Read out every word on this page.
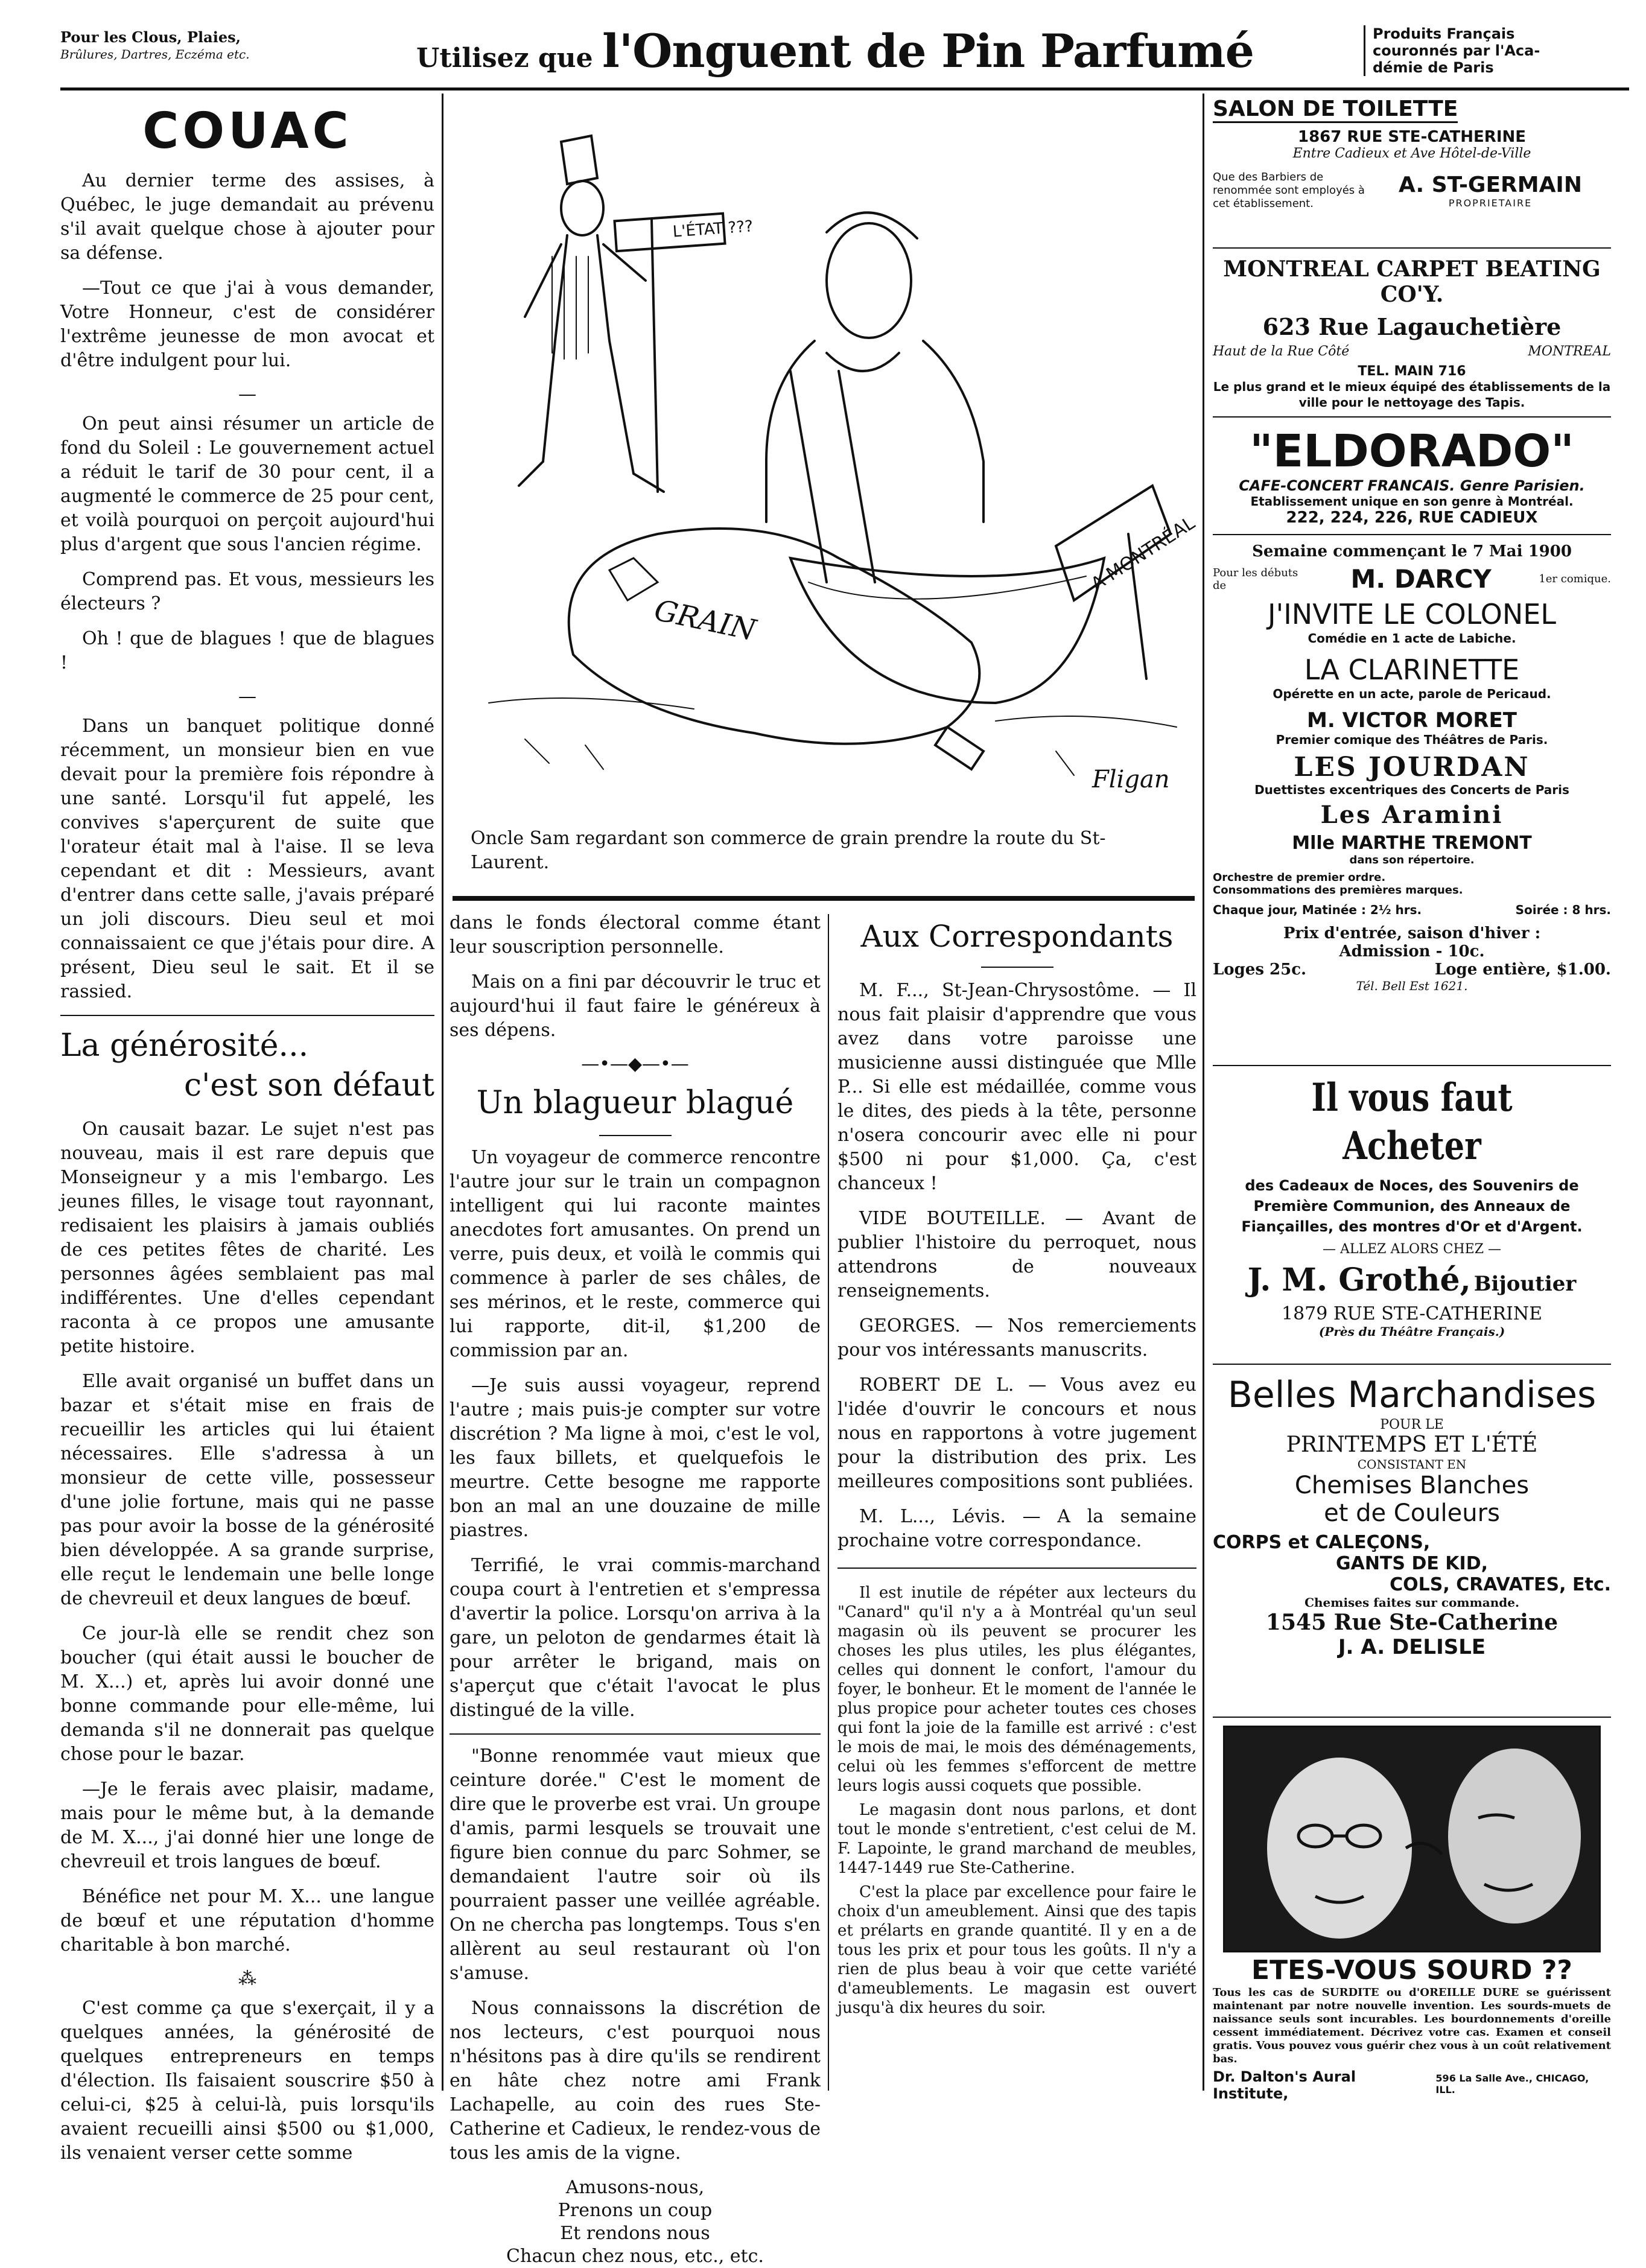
Pour les Clous, Plaies,
Brûlures, Dartres, Eczéma etc.	Utilisez que l'Onguent de Pin Parfumé	Produits Français
couronnés par l'Aca-
démie de Paris
COUAC

Au dernier terme des assises, à Québec, le juge demandait au prévenu s'il avait quelque chose à ajouter pour sa défense.

—Tout ce que j'ai à vous demander, Votre Honneur, c'est de considérer l'extrême jeunesse de mon avocat et d'être indulgent pour lui.

—

On peut ainsi résumer un article de fond du Soleil : Le gouvernement actuel a réduit le tarif de 30 pour cent, il a augmenté le commerce de 25 pour cent, et voilà pourquoi on perçoit aujourd'hui plus d'argent que sous l'ancien régime.

Comprend pas. Et vous, messieurs les électeurs ?

Oh ! que de blagues ! que de blagues !

—

Dans un banquet politique donné récemment, un monsieur bien en vue devait pour la première fois répondre à une santé. Lorsqu'il fut appelé, les convives s'aperçurent de suite que l'orateur était mal à l'aise. Il se leva cependant et dit : Messieurs, avant d'entrer dans cette salle, j'avais préparé un joli discours. Dieu seul et moi connaissaient ce que j'étais pour dire. A présent, Dieu seul le sait. Et il se rassied.

La générosité...
c'est son défaut

On causait bazar. Le sujet n'est pas nouveau, mais il est rare depuis que Monseigneur y a mis l'embargo. Les jeunes filles, le visage tout rayonnant, redisaient les plaisirs à jamais oubliés de ces petites fêtes de charité. Les personnes âgées semblaient pas mal indifférentes. Une d'elles cependant raconta à ce propos une amusante petite histoire.

Elle avait organisé un buffet dans un bazar et s'était mise en frais de recueillir les articles qui lui étaient nécessaires. Elle s'adressa à un monsieur de cette ville, possesseur d'une jolie fortune, mais qui ne passe pas pour avoir la bosse de la générosité bien développée. A sa grande surprise, elle reçut le lendemain une belle longe de chevreuil et deux langues de bœuf.

Ce jour-là elle se rendit chez son boucher (qui était aussi le boucher de M. X...) et, après lui avoir donné une bonne commande pour elle-même, lui demanda s'il ne donnerait pas quelque chose pour le bazar.

—Je le ferais avec plaisir, madame, mais pour le même but, à la demande de M. X..., j'ai donné hier une longe de chevreuil et trois langues de bœuf.

Bénéfice net pour M. X... une langue de bœuf et une réputation d'homme charitable à bon marché.

⁂

C'est comme ça que s'exerçait, il y a quelques années, la générosité de quelques entrepreneurs en temps d'élection. Ils faisaient souscrire $50 à celui-ci, $25 à celui-là, puis lorsqu'ils avaient recueilli ainsi $500 ou $1,000, ils venaient verser cette somme

L'ÉTAT ???
GRAIN
A MONTRÉAL
Fligan
Oncle Sam regardant son commerce de grain prendre la route du St-Laurent.

dans le fonds électoral comme étant leur souscription personnelle.

Mais on a fini par découvrir le truc et aujourd'hui il faut faire le généreux à ses dépens.

—•—◆—•—
Un blagueur blagué

Un voyageur de commerce rencontre l'autre jour sur le train un compagnon intelligent qui lui raconte maintes anecdotes fort amusantes. On prend un verre, puis deux, et voilà le commis qui commence à parler de ses châles, de ses mérinos, et le reste, commerce qui lui rapporte, dit-il, $1,200 de commission par an.

—Je suis aussi voyageur, reprend l'autre ; mais puis-je compter sur votre discrétion ? Ma ligne à moi, c'est le vol, les faux billets, et quelquefois le meurtre. Cette besogne me rapporte bon an mal an une douzaine de mille piastres.

Terrifié, le vrai commis-marchand coupa court à l'entretien et s'empressa d'avertir la police. Lorsqu'on arriva à la gare, un peloton de gendarmes était là pour arrêter le brigand, mais on s'aperçut que c'était l'avocat le plus distingué de la ville.

"Bonne renommée vaut mieux que ceinture dorée." C'est le moment de dire que le proverbe est vrai. Un groupe d'amis, parmi lesquels se trouvait une figure bien connue du parc Sohmer, se demandaient l'autre soir où ils pourraient passer une veillée agréable. On ne chercha pas longtemps. Tous s'en allèrent au seul restaurant où l'on s'amuse.

Nous connaissons la discrétion de nos lecteurs, c'est pourquoi nous n'hésitons pas à dire qu'ils se rendirent en hâte chez notre ami Frank Lachapelle, au coin des rues Ste-Catherine et Cadieux, le rendez-vous de tous les amis de la vigne.

Amusons-nous,
Prenons un coup
Et rendons nous
Chacun chez nous, etc., etc.
Aux Correspondants

M. F..., St-Jean-Chrysostôme. — Il nous fait plaisir d'apprendre que vous avez dans votre paroisse une musicienne aussi distinguée que Mlle P... Si elle est médaillée, comme vous le dites, des pieds à la tête, personne n'osera concourir avec elle ni pour $500 ni pour $1,000. Ça, c'est chanceux !

VIDE BOUTEILLE. — Avant de publier l'histoire du perroquet, nous attendrons de nouveaux renseignements.

GEORGES. — Nos remerciements pour vos intéressants manuscrits.

ROBERT DE L. — Vous avez eu l'idée d'ouvrir le concours et nous nous en rapportons à votre jugement pour la distribution des prix. Les meilleures compositions sont publiées.

M. L..., Lévis. — A la semaine prochaine votre correspondance.

Il est inutile de répéter aux lecteurs du "Canard" qu'il n'y a à Montréal qu'un seul magasin où ils peuvent se procurer les choses les plus utiles, les plus élégantes, celles qui donnent le confort, l'amour du foyer, le bonheur. Et le moment de l'année le plus propice pour acheter toutes ces choses qui font la joie de la famille est arrivé : c'est le mois de mai, le mois des déménagements, celui où les femmes s'efforcent de mettre leurs logis aussi coquets que possible.

Le magasin dont nous parlons, et dont tout le monde s'entretient, c'est celui de M. F. Lapointe, le grand marchand de meubles, 1447-1449 rue Ste-Catherine.

C'est la place par excellence pour faire le choix d'un ameublement. Ainsi que des tapis et prélarts en grande quantité. Il y en a de tous les prix et pour tous les goûts. Il n'y a rien de plus beau à voir que cette variété d'ameublements. Le magasin est ouvert jusqu'à dix heures du soir.

SALON DE TOILETTE
1867 RUE STE-CATHERINE
Entre Cadieux et Ave Hôtel-de-Ville
Que des Barbiers de renommée sont employés à cet établissement.
A. ST-GERMAIN
PROPRIETAIRE
MONTREAL CARPET BEATING CO'Y.
623 Rue Lagauchetière
Haut de la Rue Côté	MONTREAL
TEL. MAIN 716
Le plus grand et le mieux équipé des établissements de la ville pour le nettoyage des Tapis.
"ELDORADO"
CAFE-CONCERT FRANCAIS. Genre Parisien.
Etablissement unique en son genre à Montréal.
222, 224, 226, RUE CADIEUX
Semaine commençant le 7 Mai 1900
Pour les débuts de	M. DARCY	1er comique.
J'INVITE LE COLONEL
Comédie en 1 acte de Labiche.
LA CLARINETTE
Opérette en un acte, parole de Pericaud.
M. VICTOR MORET
Premier comique des Théâtres de Paris.
LES JOURDAN
Duettistes excentriques des Concerts de Paris
Les Aramini
Mlle MARTHE TREMONT
dans son répertoire.
Orchestre de premier ordre.
Consommations des premières marques.
Chaque jour, Matinée : 2½ hrs.	Soirée : 8 hrs.
Prix d'entrée, saison d'hiver :
Admission - 10c.
Loges 25c.	Loge entière, $1.00.
Tél. Bell Est 1621.
Il vous faut Acheter
des Cadeaux de Noces, des Souvenirs de Première Communion, des Anneaux de Fiançailles, des montres d'Or et d'Argent.
— ALLEZ ALORS CHEZ —
J. M. Grothé, Bijoutier
1879 RUE STE-CATHERINE
(Près du Théâtre Français.)
Belles Marchandises
POUR LE
PRINTEMPS ET L'ÉTÉ
CONSISTANT EN
Chemises Blanches
et de Couleurs
CORPS et CALEÇONS,
GANTS DE KID,
COLS, CRAVATES, Etc.
Chemises faites sur commande.
1545 Rue Ste-Catherine
J. A. DELISLE
ETES-VOUS SOURD ??
Tous les cas de SURDITE ou d'OREILLE DURE se guérissent maintenant par notre nouvelle invention. Les sourds-muets de naissance seuls sont incurables. Les bourdonnements d'oreille cessent immédiatement. Décrivez votre cas. Examen et conseil gratis. Vous pouvez vous guérir chez vous à un coût relativement bas.
Dr. Dalton's Aural Institute,
596 La Salle Ave., CHICAGO, ILL.
